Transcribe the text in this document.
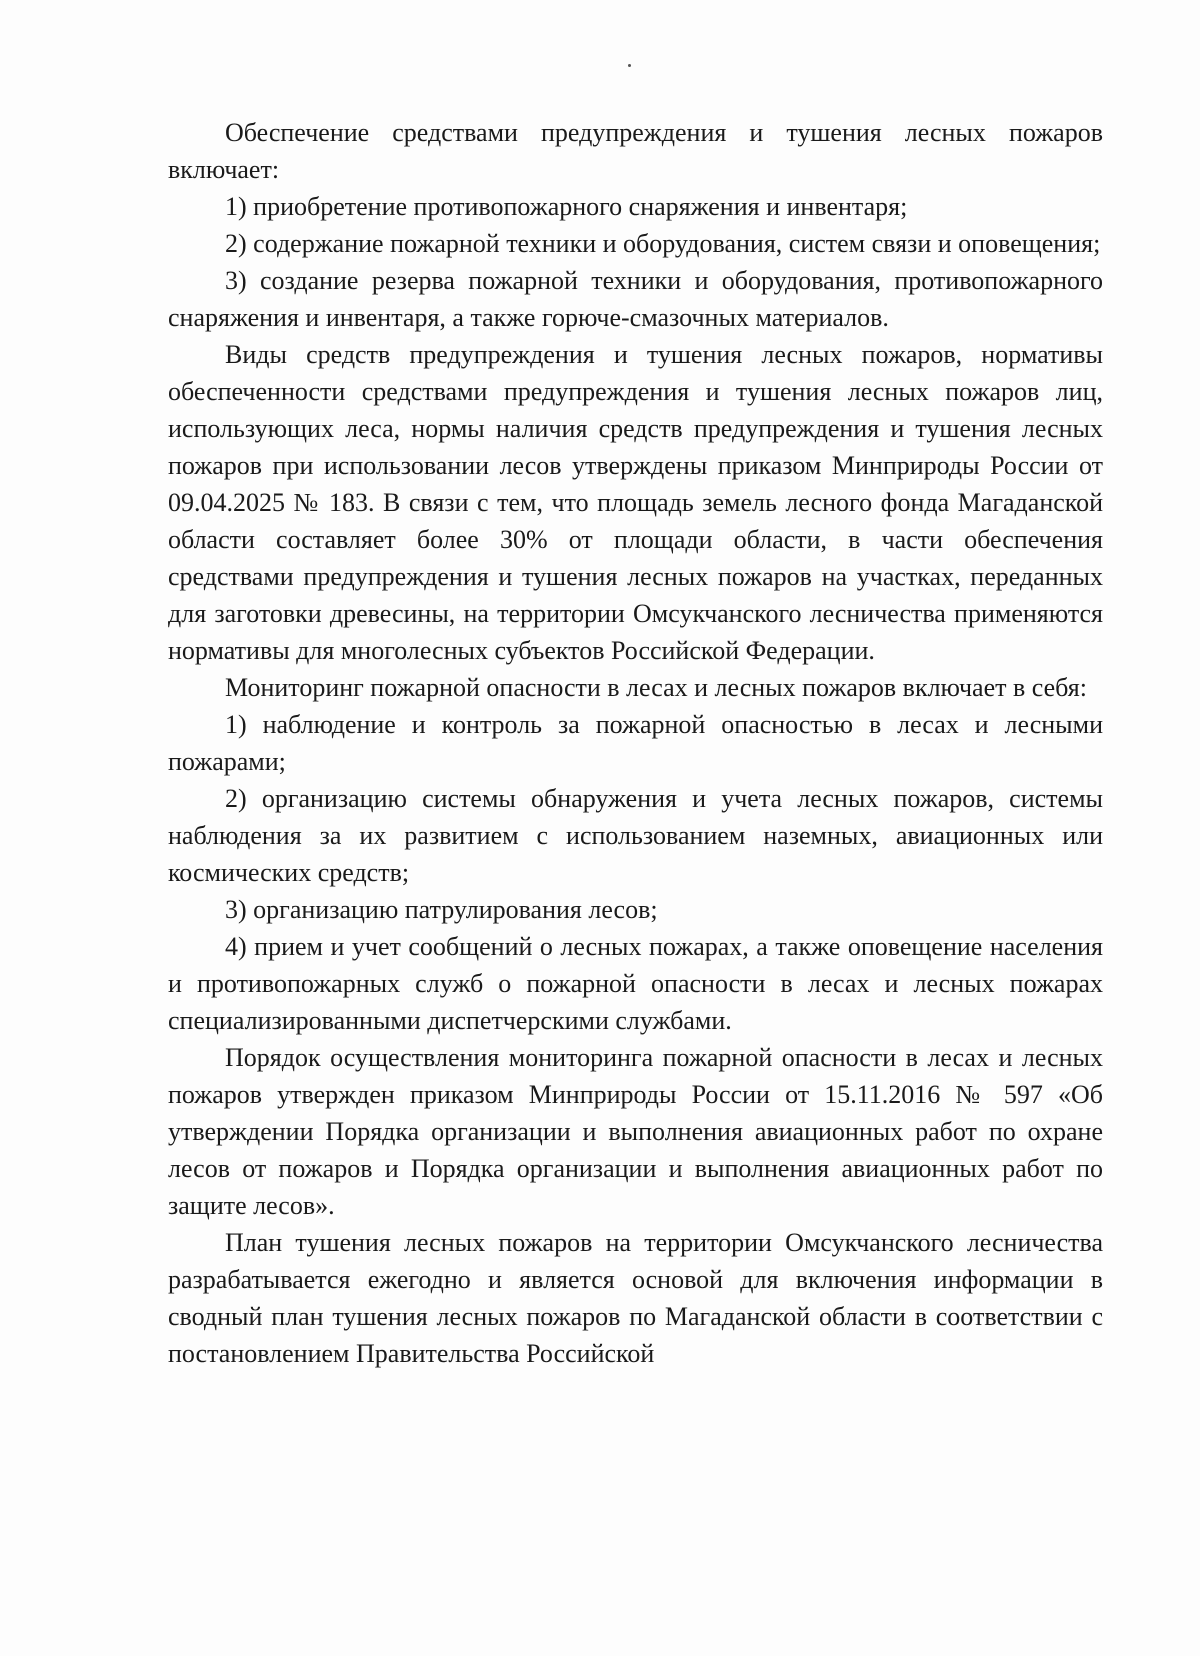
Обеспечение средствами предупреждения и тушения лесных пожаров включает:

1) приобретение противопожарного снаряжения и инвентаря;

2) содержание пожарной техники и оборудования, систем связи и оповещения;

3) создание резерва пожарной техники и оборудования, противопожарного снаряжения и инвентаря, а также горюче-смазочных материалов.

Виды средств предупреждения и тушения лесных пожаров, нормативы обеспеченности средствами предупреждения и тушения лесных пожаров лиц, использующих леса, нормы наличия средств предупреждения и тушения лесных пожаров при использовании лесов утверждены приказом Минприроды России от 09.04.2025 № 183. В связи с тем, что площадь земель лесного фонда Магаданской области составляет более 30% от площади области, в части обеспечения средствами предупреждения и тушения лесных пожаров на участках, переданных для заготовки древесины, на территории Омсукчанского лесничества применяются нормативы для многолесных субъектов Российской Федерации.

Мониторинг пожарной опасности в лесах и лесных пожаров включает в себя:

1) наблюдение и контроль за пожарной опасностью в лесах и лесными пожарами;

2) организацию системы обнаружения и учета лесных пожаров, системы наблюдения за их развитием с использованием наземных, авиационных или космических средств;

3) организацию патрулирования лесов;

4) прием и учет сообщений о лесных пожарах, а также оповещение населения и противопожарных служб о пожарной опасности в лесах и лесных пожарах специализированными диспетчерскими службами.

Порядок осуществления мониторинга пожарной опасности в лесах и лесных пожаров утвержден приказом Минприроды России от 15.11.2016 № 597 «Об утверждении Порядка организации и выполнения авиационных работ по охране лесов от пожаров и Порядка организации и выполнения авиационных работ по защите лесов».

План тушения лесных пожаров на территории Омсукчанского лесничества разрабатывается ежегодно и является основой для включения информации в сводный план тушения лесных пожаров по Магаданской области в соответствии с постановлением Правительства Российской
